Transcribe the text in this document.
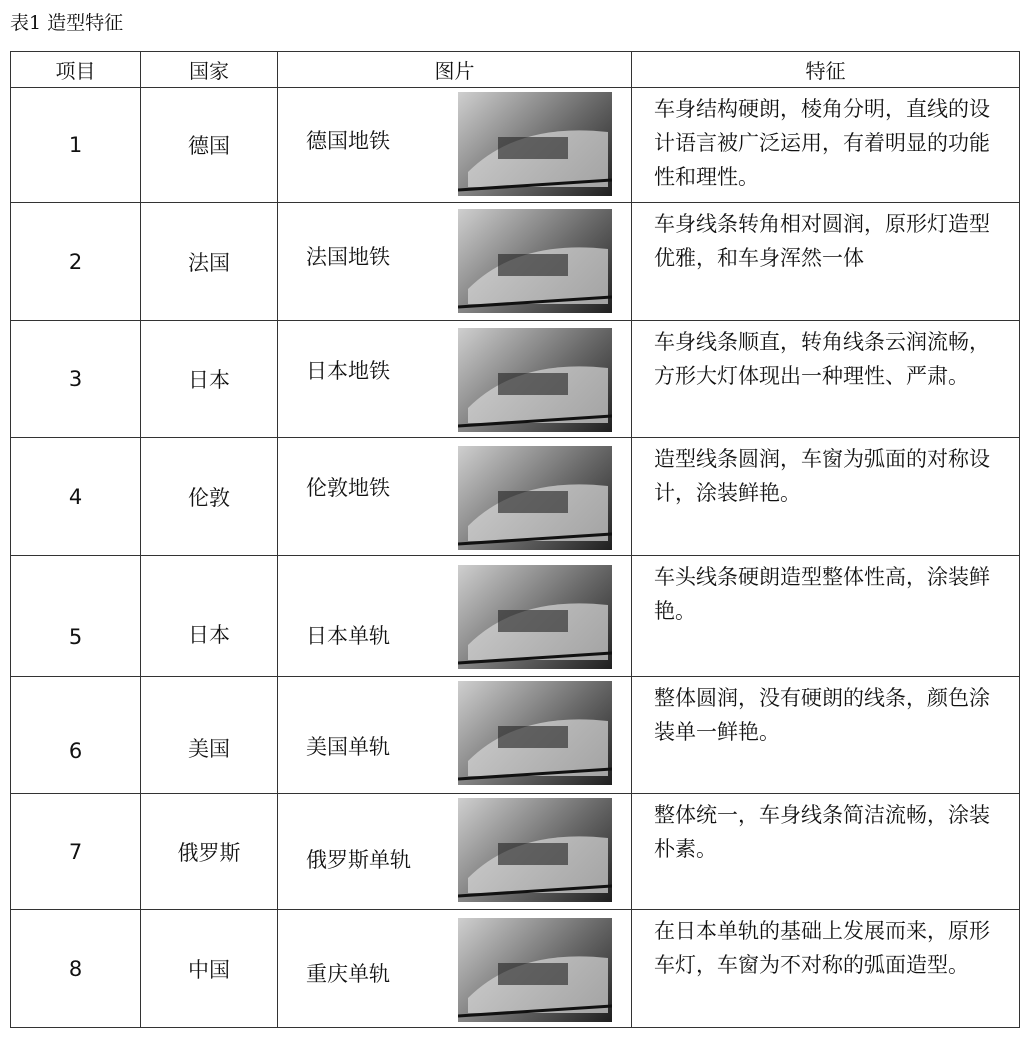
表1 造型特征
项目	国家	图片	特征
1	德国	德国地铁	车身结构硬朗，棱角分明，直线的设计语言被广泛运用，有着明显的功能性和理性。
2	法国	法国地铁	车身线条转角相对圆润，原形灯造型优雅，和车身浑然一体
3	日本	日本地铁	车身线条顺直，转角线条云润流畅，方形大灯体现出一种理性、严肃。
4	伦敦	伦敦地铁	造型线条圆润，车窗为弧面的对称设计，涂装鲜艳。
5	日本	日本单轨	车头线条硬朗造型整体性高，涂装鲜艳。
6	美国	美国单轨	整体圆润，没有硬朗的线条，颜色涂装单一鲜艳。
7	俄罗斯	俄罗斯单轨	整体统一，车身线条简洁流畅，涂装朴素。
8	中国	重庆单轨	在日本单轨的基础上发展而来，原形车灯，车窗为不对称的弧面造型。
